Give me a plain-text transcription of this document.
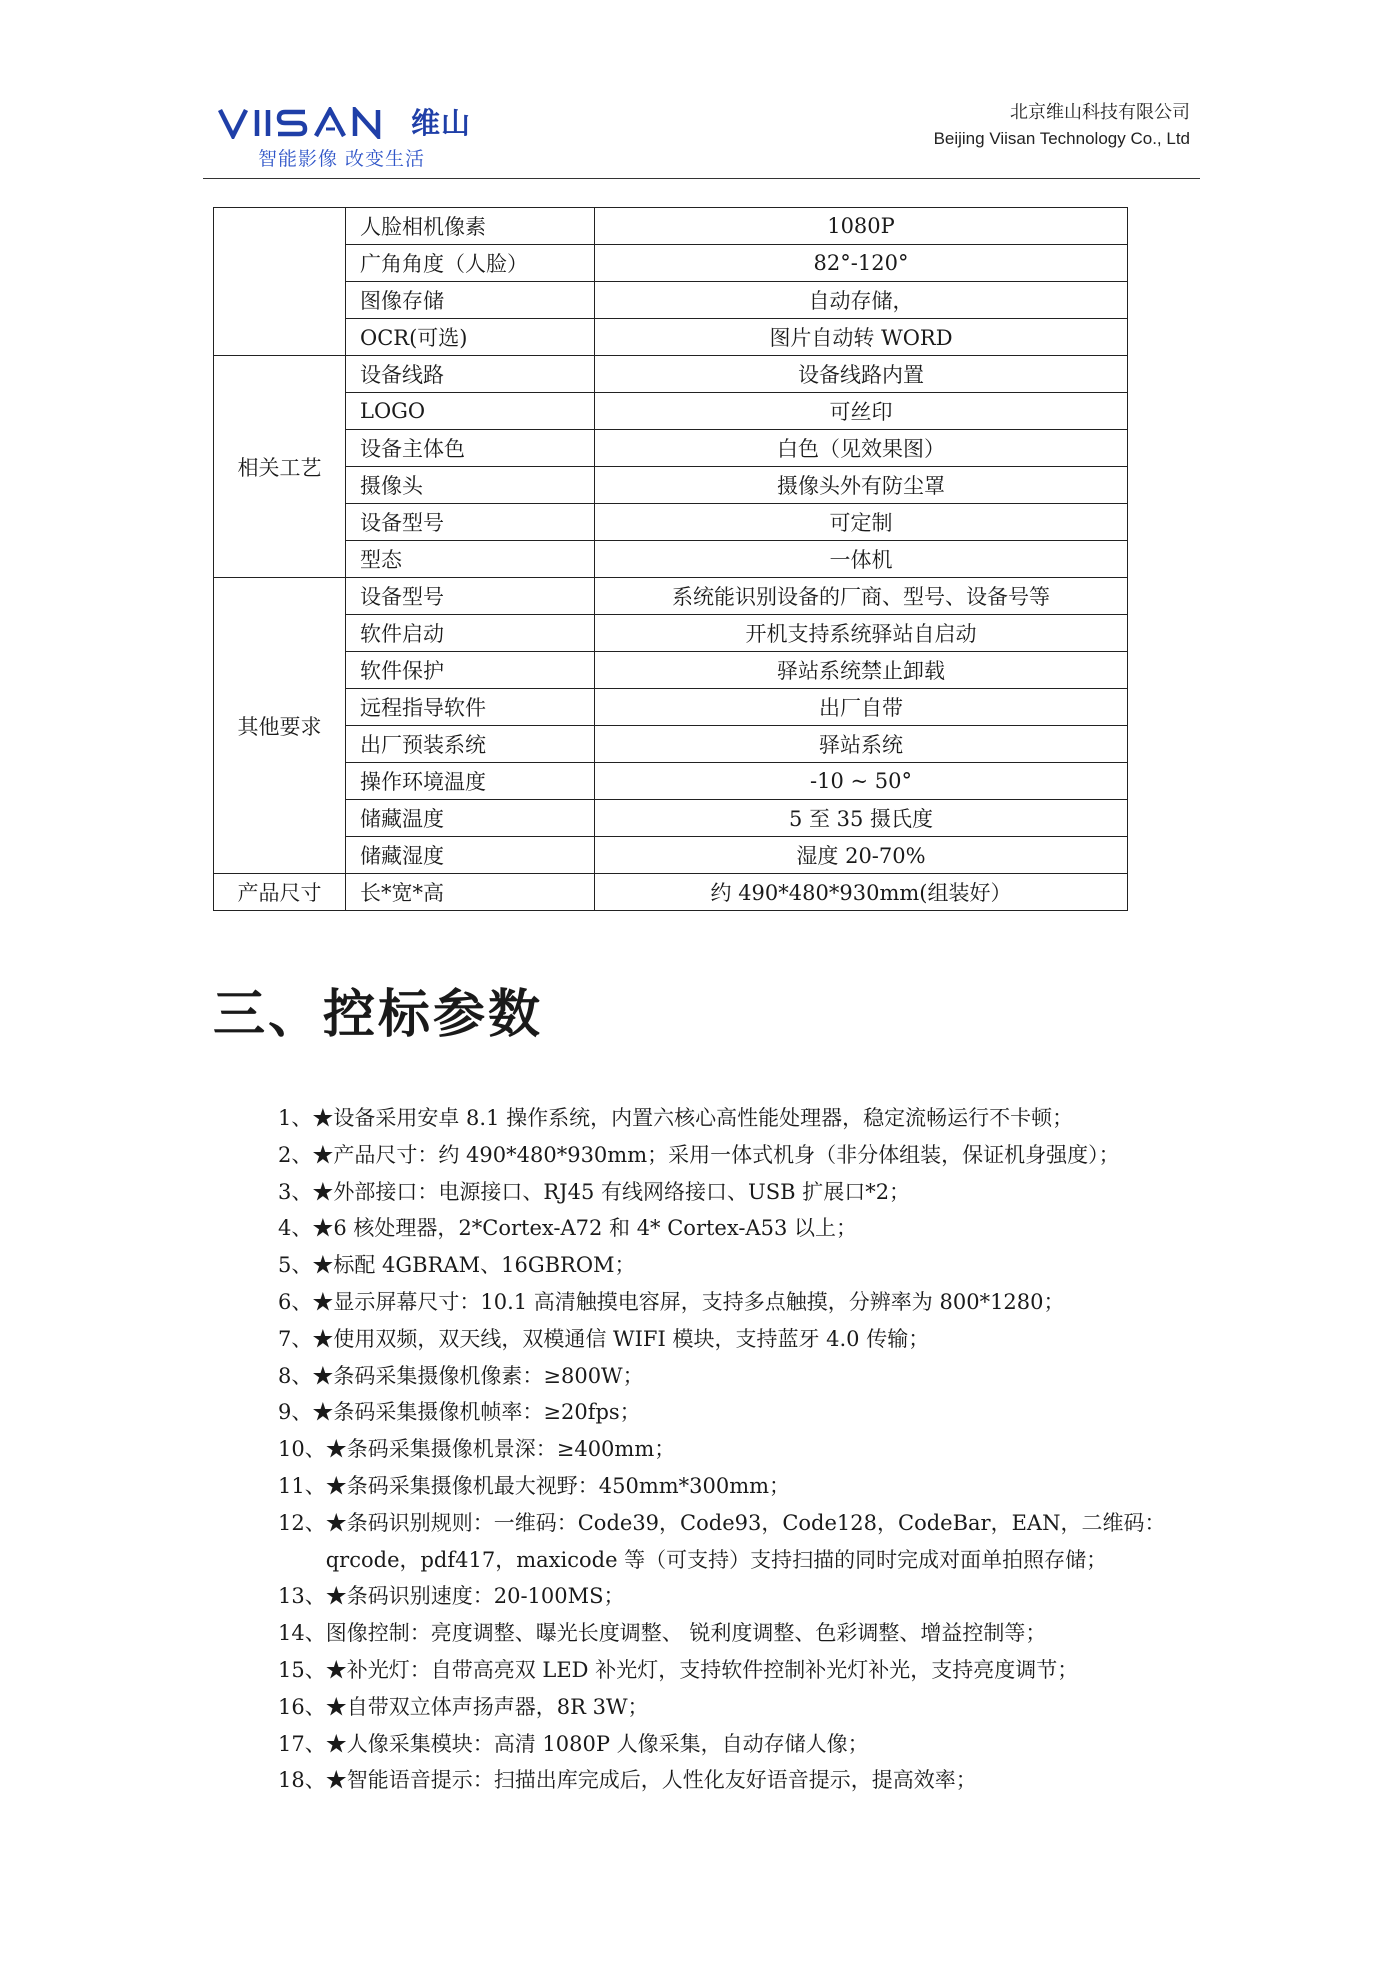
维山
智能影像 改变生活
北京维山科技有限公司
Beijing Viisan Technology Co., Ltd
	人脸相机像素	1080P
	广角角度（人脸）	82°-120°
	图像存储	自动存储，
	OCR(可选)	图片自动转 WORD
相关工艺	设备线路	设备线路内置
	LOGO	可丝印
	设备主体色	白色（见效果图）
	摄像头	摄像头外有防尘罩
	设备型号	可定制
	型态	一体机
其他要求	设备型号	系统能识别设备的厂商、型号、设备号等
	软件启动	开机支持系统驿站自启动
	软件保护	驿站系统禁止卸载
	远程指导软件	出厂自带
	出厂预装系统	驿站系统
	操作环境温度	-10 ~ 50°
	储藏温度	5 至 35 摄氏度
	储藏湿度	湿度 20-70%
产品尺寸	长*宽*高	约 490*480*930mm(组装好）
三、控标参数
1、 ★设备采用安卓 8.1 操作系统，内置六核心高性能处理器，稳定流畅运行不卡顿；
2、 ★产品尺寸：约 490*480*930mm；采用一体式机身（非分体组装，保证机身强度）；
3、 ★外部接口：电源接口、RJ45 有线网络接口、USB 扩展口*2；
4、 ★6 核处理器，2*Cortex-A72 和 4* Cortex-A53 以上；
5、 ★标配 4GBRAM、16GBROM；
6、 ★显示屏幕尺寸：10.1 高清触摸电容屏，支持多点触摸，分辨率为 800*1280；
7、 ★使用双频，双天线，双模通信 WIFI 模块，支持蓝牙 4.0 传输；
8、 ★条码采集摄像机像素：≥800W；
9、 ★条码采集摄像机帧率：≥20fps；
10、 ★条码采集摄像机景深：≥400mm；
11、 ★条码采集摄像机最大视野：450mm*300mm；
12、 ★条码识别规则：一维码：Code39，Code93，Code128，CodeBar，EAN，二维码：qrcode，pdf417，maxicode 等（可支持）支持扫描的同时完成对面单拍照存储；
13、 ★条码识别速度：20-100MS；
14、 图像控制：亮度调整、曝光长度调整、 锐利度调整、色彩调整、增益控制等；
15、 ★补光灯：自带高亮双 LED 补光灯，支持软件控制补光灯补光，支持亮度调节；
16、 ★自带双立体声扬声器，8R 3W；
17、 ★人像采集模块：高清 1080P 人像采集，自动存储人像；
18、 ★智能语音提示：扫描出库完成后，人性化友好语音提示，提高效率；
